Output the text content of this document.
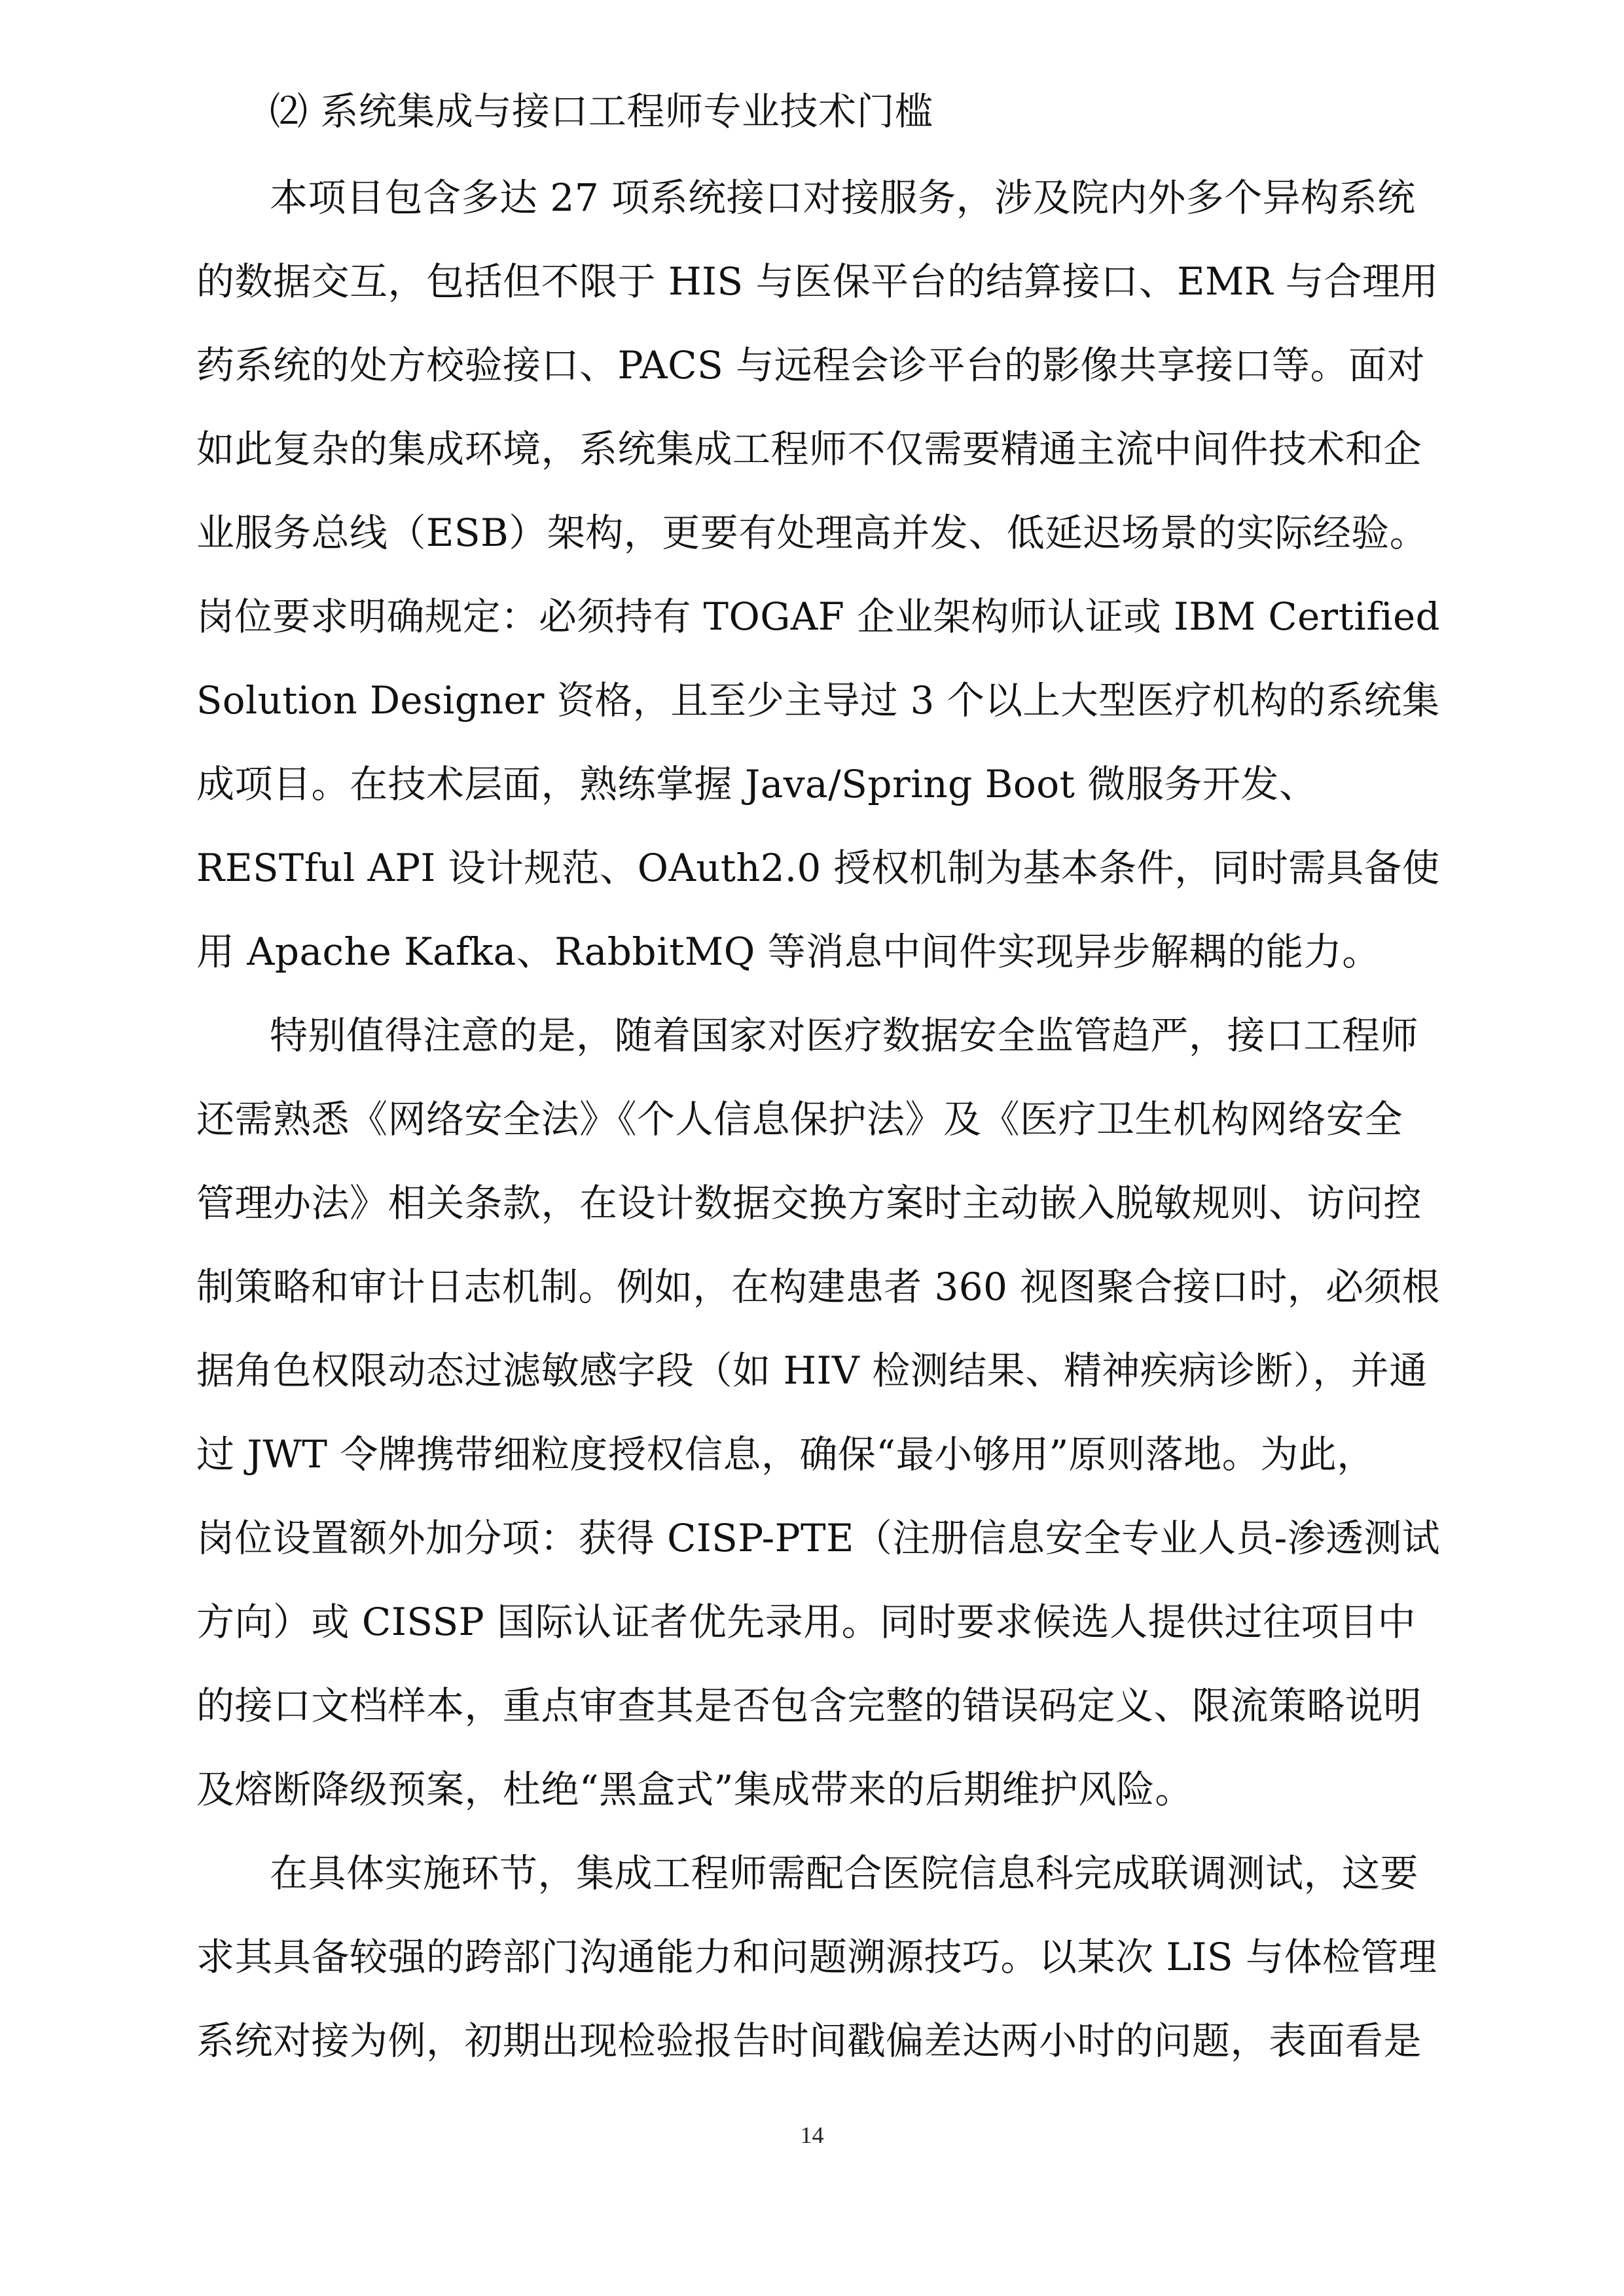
⑵ 系统集成与接口工程师专业技术门槛
本项目包含多达 27 项系统接口对接服务，涉及院内外多个异构系统
的数据交互，包括但不限于 HIS 与医保平台的结算接口、EMR 与合理用
药系统的处方校验接口、PACS 与远程会诊平台的影像共享接口等。面对
如此复杂的集成环境，系统集成工程师不仅需要精通主流中间件技术和企
业服务总线（ESB）架构，更要有处理高并发、低延迟场景的实际经验。
岗位要求明确规定：必须持有 TOGAF 企业架构师认证或 IBM Certified
Solution Designer 资格，且至少主导过 3 个以上大型医疗机构的系统集
成项目。在技术层面，熟练掌握 Java/Spring Boot 微服务开发、
RESTful API 设计规范、OAuth2.0 授权机制为基本条件，同时需具备使
用 Apache Kafka、RabbitMQ 等消息中间件实现异步解耦的能力。
特别值得注意的是，随着国家对医疗数据安全监管趋严，接口工程师
还需熟悉《网络安全法》《个人信息保护法》及《医疗卫生机构网络安全
管理办法》相关条款，在设计数据交换方案时主动嵌入脱敏规则、访问控
制策略和审计日志机制。例如，在构建患者 360 视图聚合接口时，必须根
据角色权限动态过滤敏感字段（如 HIV 检测结果、精神疾病诊断），并通
过 JWT 令牌携带细粒度授权信息，确保“最小够用”原则落地。为此，
岗位设置额外加分项：获得 CISP-PTE（注册信息安全专业人员-渗透测试
方向）或 CISSP 国际认证者优先录用。同时要求候选人提供过往项目中
的接口文档样本，重点审查其是否包含完整的错误码定义、限流策略说明
及熔断降级预案，杜绝“黑盒式”集成带来的后期维护风险。
在具体实施环节，集成工程师需配合医院信息科完成联调测试，这要
求其具备较强的跨部门沟通能力和问题溯源技巧。以某次 LIS 与体检管理
系统对接为例，初期出现检验报告时间戳偏差达两小时的问题，表面看是
14
